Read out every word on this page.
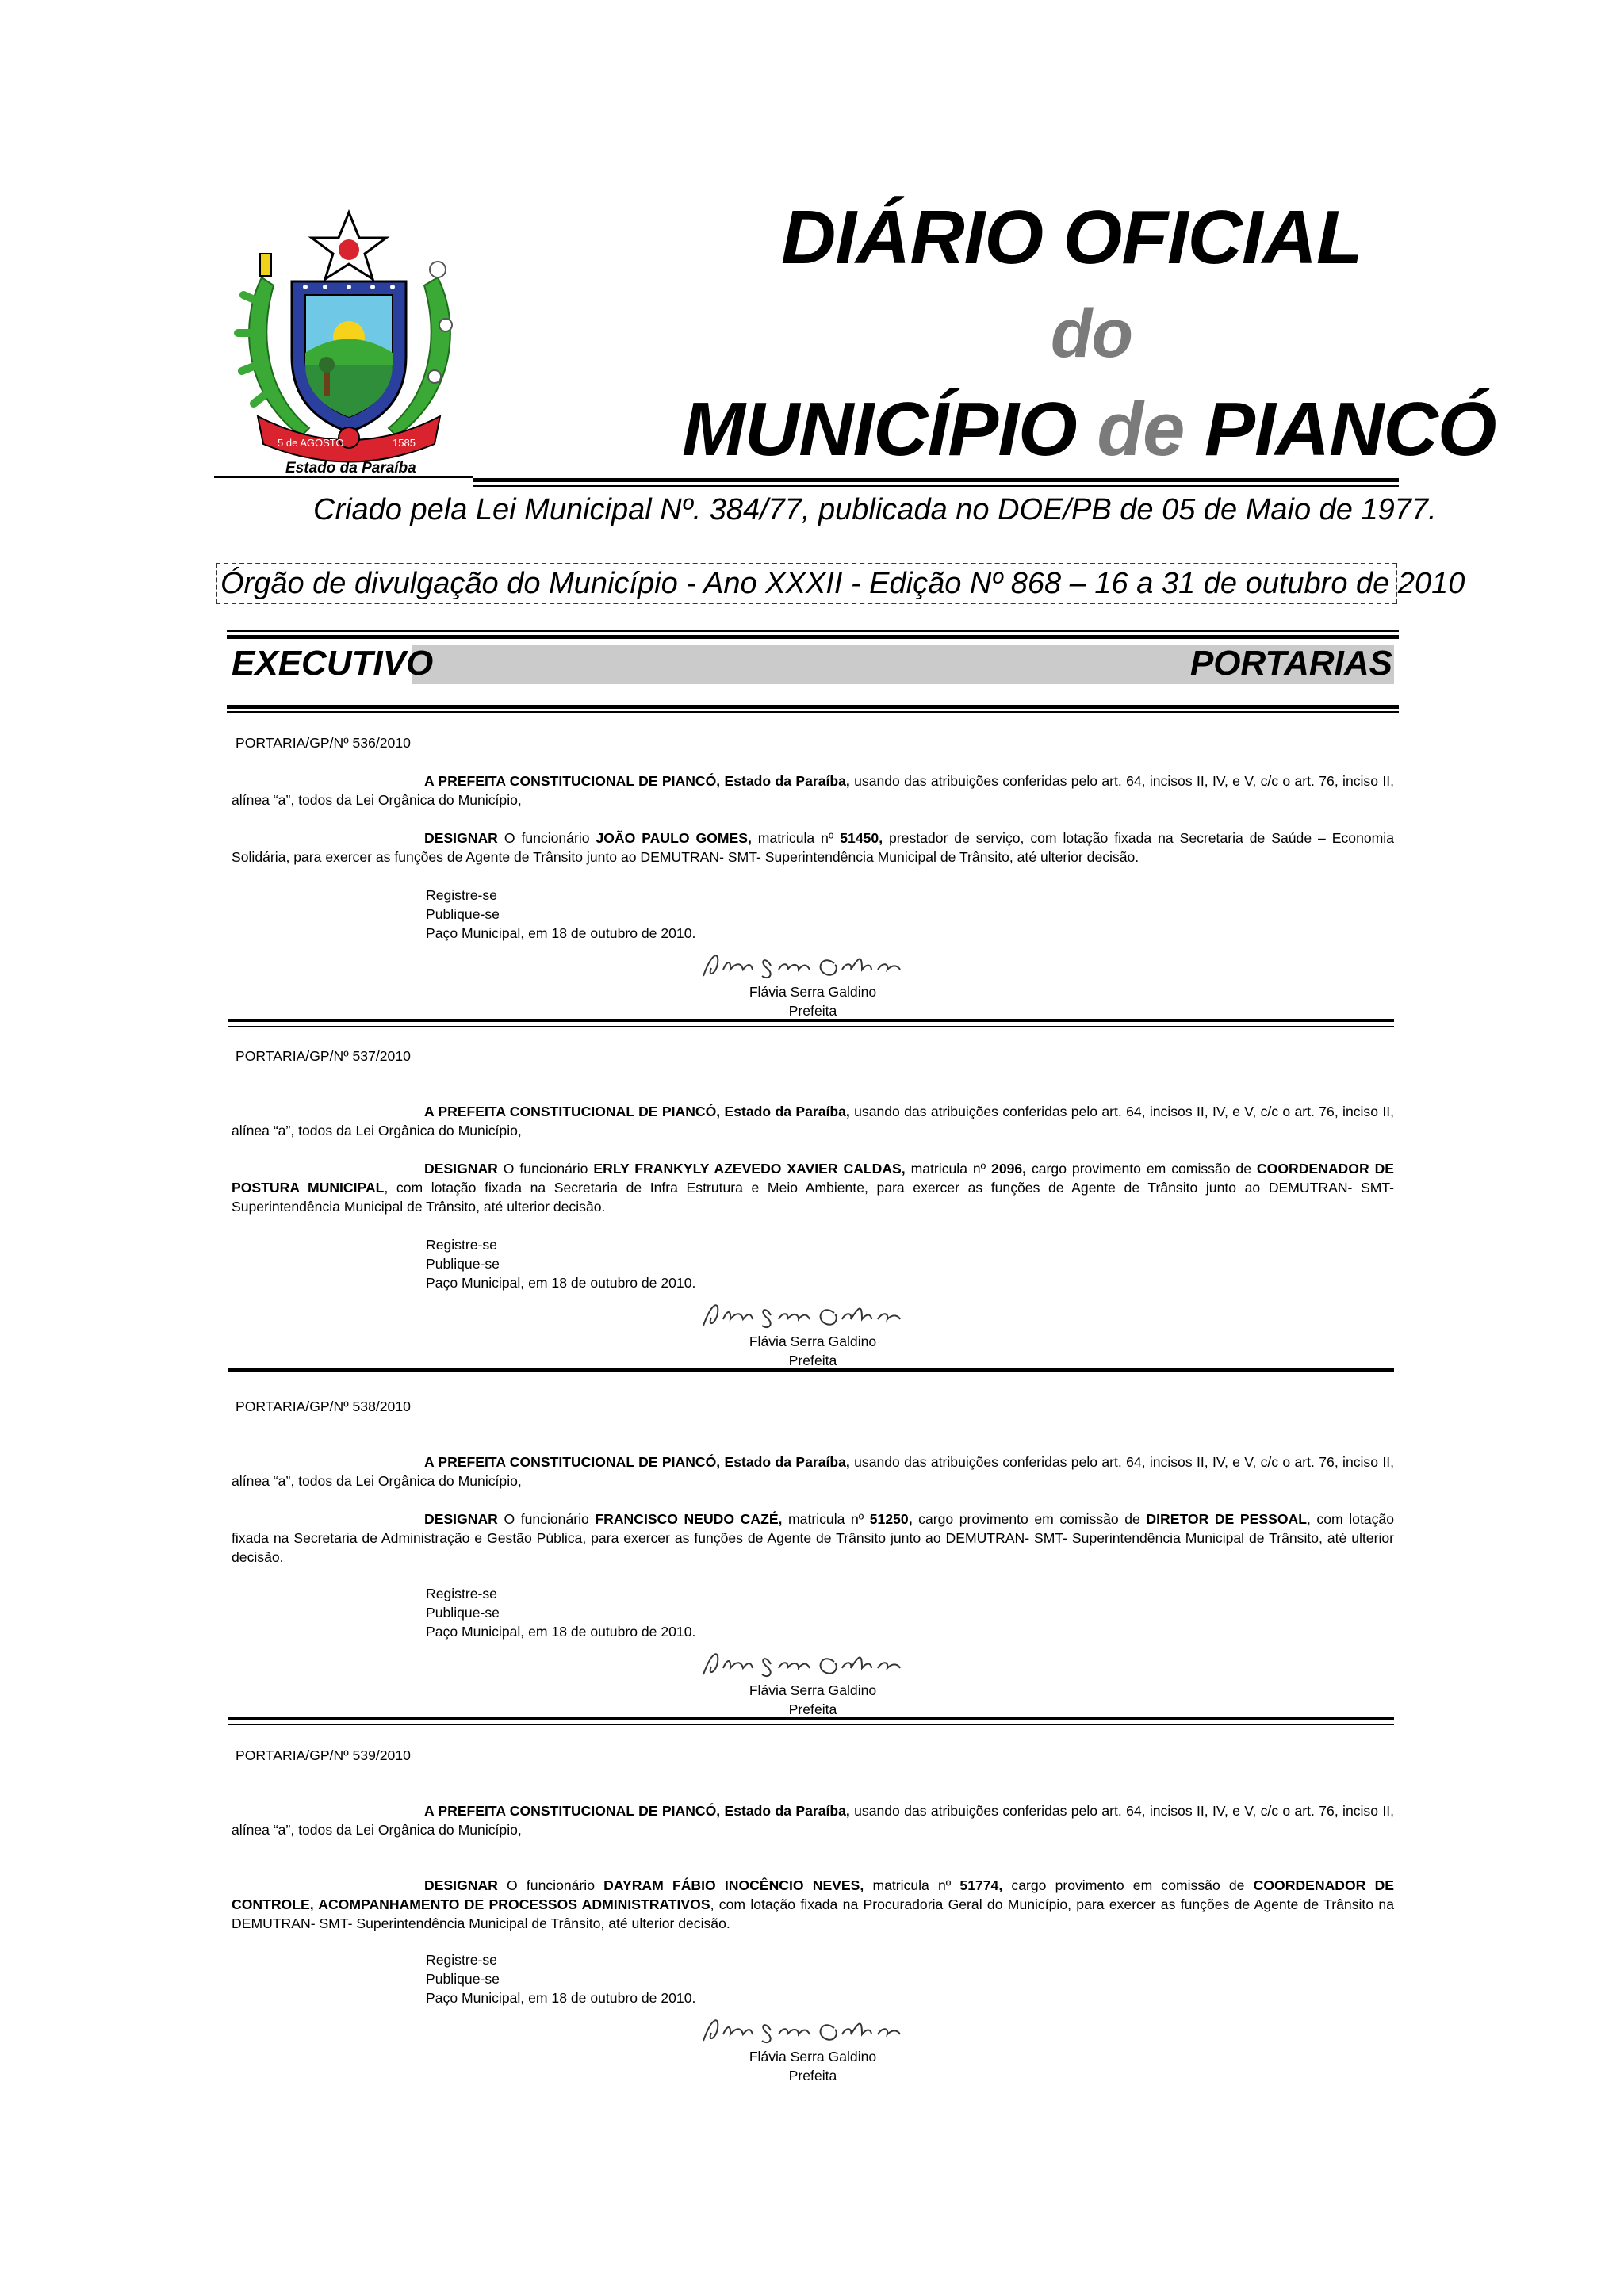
5 de AGOSTO	1585
Estado da Paraíba
DIÁRIO OFICIAL
do
MUNICÍPIO de PIANCÓ
Criado pela Lei Municipal Nº. 384/77, publicada no DOE/PB de 05 de Maio de 1977.
Órgão de divulgação do Município - Ano XXXII - Edição Nº 868 – 16 a 31 de outubro de 2010
EXECUTIVO	PORTARIAS
PORTARIA/GP/Nº 536/2010
A PREFEITA CONSTITUCIONAL DE PIANCÓ, Estado da Paraíba, usando das atribuições conferidas pelo art. 64, incisos II, IV, e V, c/c o art. 76, inciso II, alínea “a”, todos da Lei Orgânica do Município,
DESIGNAR O funcionário JOÃO PAULO GOMES, matricula nº 51450, prestador de serviço, com lotação fixada na Secretaria de Saúde – Economia Solidária, para exercer as funções de Agente de Trânsito junto ao DEMUTRAN- SMT- Superintendência Municipal de Trânsito, até ulterior decisão.
Registre-se
Publique-se
Paço Municipal, em 18 de outubro de 2010.
Flávia Serra Galdino
Prefeita
PORTARIA/GP/Nº 537/2010
A PREFEITA CONSTITUCIONAL DE PIANCÓ, Estado da Paraíba, usando das atribuições conferidas pelo art. 64, incisos II, IV, e V, c/c o art. 76, inciso II, alínea “a”, todos da Lei Orgânica do Município,
DESIGNAR O funcionário ERLY FRANKYLY AZEVEDO XAVIER CALDAS, matricula nº 2096, cargo provimento em comissão de COORDENADOR DE POSTURA MUNICIPAL, com lotação fixada na Secretaria de Infra Estrutura e Meio Ambiente, para exercer as funções de Agente de Trânsito junto ao DEMUTRAN- SMT- Superintendência Municipal de Trânsito, até ulterior decisão.
Registre-se
Publique-se
Paço Municipal, em 18 de outubro de 2010.
Flávia Serra Galdino
Prefeita
PORTARIA/GP/Nº 538/2010
A PREFEITA CONSTITUCIONAL DE PIANCÓ, Estado da Paraíba, usando das atribuições conferidas pelo art. 64, incisos II, IV, e V, c/c o art. 76, inciso II, alínea “a”, todos da Lei Orgânica do Município,
DESIGNAR O funcionário FRANCISCO NEUDO CAZÉ, matricula nº 51250, cargo provimento em comissão de DIRETOR DE PESSOAL, com lotação fixada na Secretaria de Administração e Gestão Pública, para exercer as funções de Agente de Trânsito junto ao DEMUTRAN- SMT- Superintendência Municipal de Trânsito, até ulterior decisão.
Registre-se
Publique-se
Paço Municipal, em 18 de outubro de 2010.
Flávia Serra Galdino
Prefeita
PORTARIA/GP/Nº 539/2010
A PREFEITA CONSTITUCIONAL DE PIANCÓ, Estado da Paraíba, usando das atribuições conferidas pelo art. 64, incisos II, IV, e V, c/c o art. 76, inciso II, alínea “a”, todos da Lei Orgânica do Município,
DESIGNAR O funcionário DAYRAM FÁBIO INOCÊNCIO NEVES, matricula nº 51774, cargo provimento em comissão de COORDENADOR DE CONTROLE, ACOMPANHAMENTO DE PROCESSOS ADMINISTRATIVOS, com lotação fixada na Procuradoria Geral do Município, para exercer as funções de Agente de Trânsito na DEMUTRAN- SMT- Superintendência Municipal de Trânsito, até ulterior decisão.
Registre-se
Publique-se
Paço Municipal, em 18 de outubro de 2010.
Flávia Serra Galdino
Prefeita
